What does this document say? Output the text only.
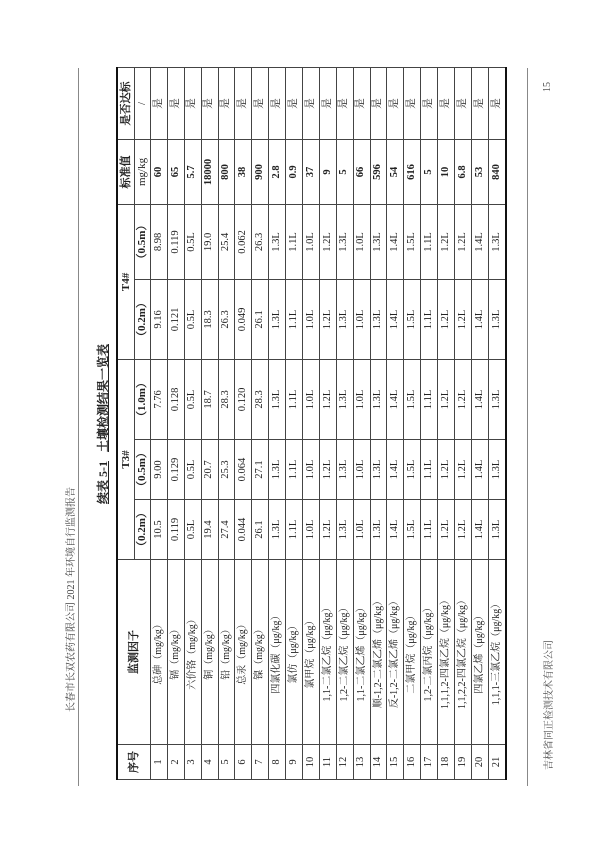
长春市长双农药有限公司 2021 年环境自行监测报告
15
吉林省同正检测技术有限公司
续表 5-1   土壤检测结果一览表
序号	监测因子	T3#			T4#		标准值	是否达标
		（0.2m）	（0.5m）	（1.0m）	（0.2m）	（0.5m）	mg/kg	/
1	总砷（mg/kg）	10.5	9.00	7.76	9.16	8.98	60	是
2	镉（mg/kg）	0.119	0.129	0.128	0.121	0.119	65	是
3	六价铬（mg/kg）	0.5L	0.5L	0.5L	0.5L	0.5L	5.7	是
4	铜（mg/kg）	19.4	20.7	18.7	18.3	19.0	18000	是
5	铅（mg/kg）	27.4	25.3	28.3	26.3	25.4	800	是
6	总汞（mg/kg）	0.044	0.064	0.120	0.049	0.062	38	是
7	镍（mg/kg）	26.1	27.1	28.3	26.1	26.3	900	是
8	四氯化碳（μg/kg）	1.3L	1.3L	1.3L	1.3L	1.3L	2.8	是
9	氯仿（μg/kg）	1.1L	1.1L	1.1L	1.1L	1.1L	0.9	是
10	氯甲烷（μg/kg）	1.0L	1.0L	1.0L	1.0L	1.0L	37	是
11	1,1-二氯乙烷（μg/kg）	1.2L	1.2L	1.2L	1.2L	1.2L	9	是
12	1,2-二氯乙烷（μg/kg）	1.3L	1.3L	1.3L	1.3L	1.3L	5	是
13	1,1-二氯乙烯（μg/kg）	1.0L	1.0L	1.0L	1.0L	1.0L	66	是
14	顺-1,2-二氯乙烯（μg/kg）	1.3L	1.3L	1.3L	1.3L	1.3L	596	是
15	反-1,2-二氯乙烯（μg/kg）	1.4L	1.4L	1.4L	1.4L	1.4L	54	是
16	二氯甲烷（μg/kg）	1.5L	1.5L	1.5L	1.5L	1.5L	616	是
17	1,2-二氯丙烷（μg/kg）	1.1L	1.1L	1.1L	1.1L	1.1L	5	是
18	1,1,1,2-四氯乙烷（μg/kg）	1.2L	1.2L	1.2L	1.2L	1.2L	10	是
19	1,1,2,2-四氯乙烷（μg/kg）	1.2L	1.2L	1.2L	1.2L	1.2L	6.8	是
20	四氯乙烯（μg/kg）	1.4L	1.4L	1.4L	1.4L	1.4L	53	是
21	1,1,1-三氯乙烷（μg/kg）	1.3L	1.3L	1.3L	1.3L	1.3L	840	是
